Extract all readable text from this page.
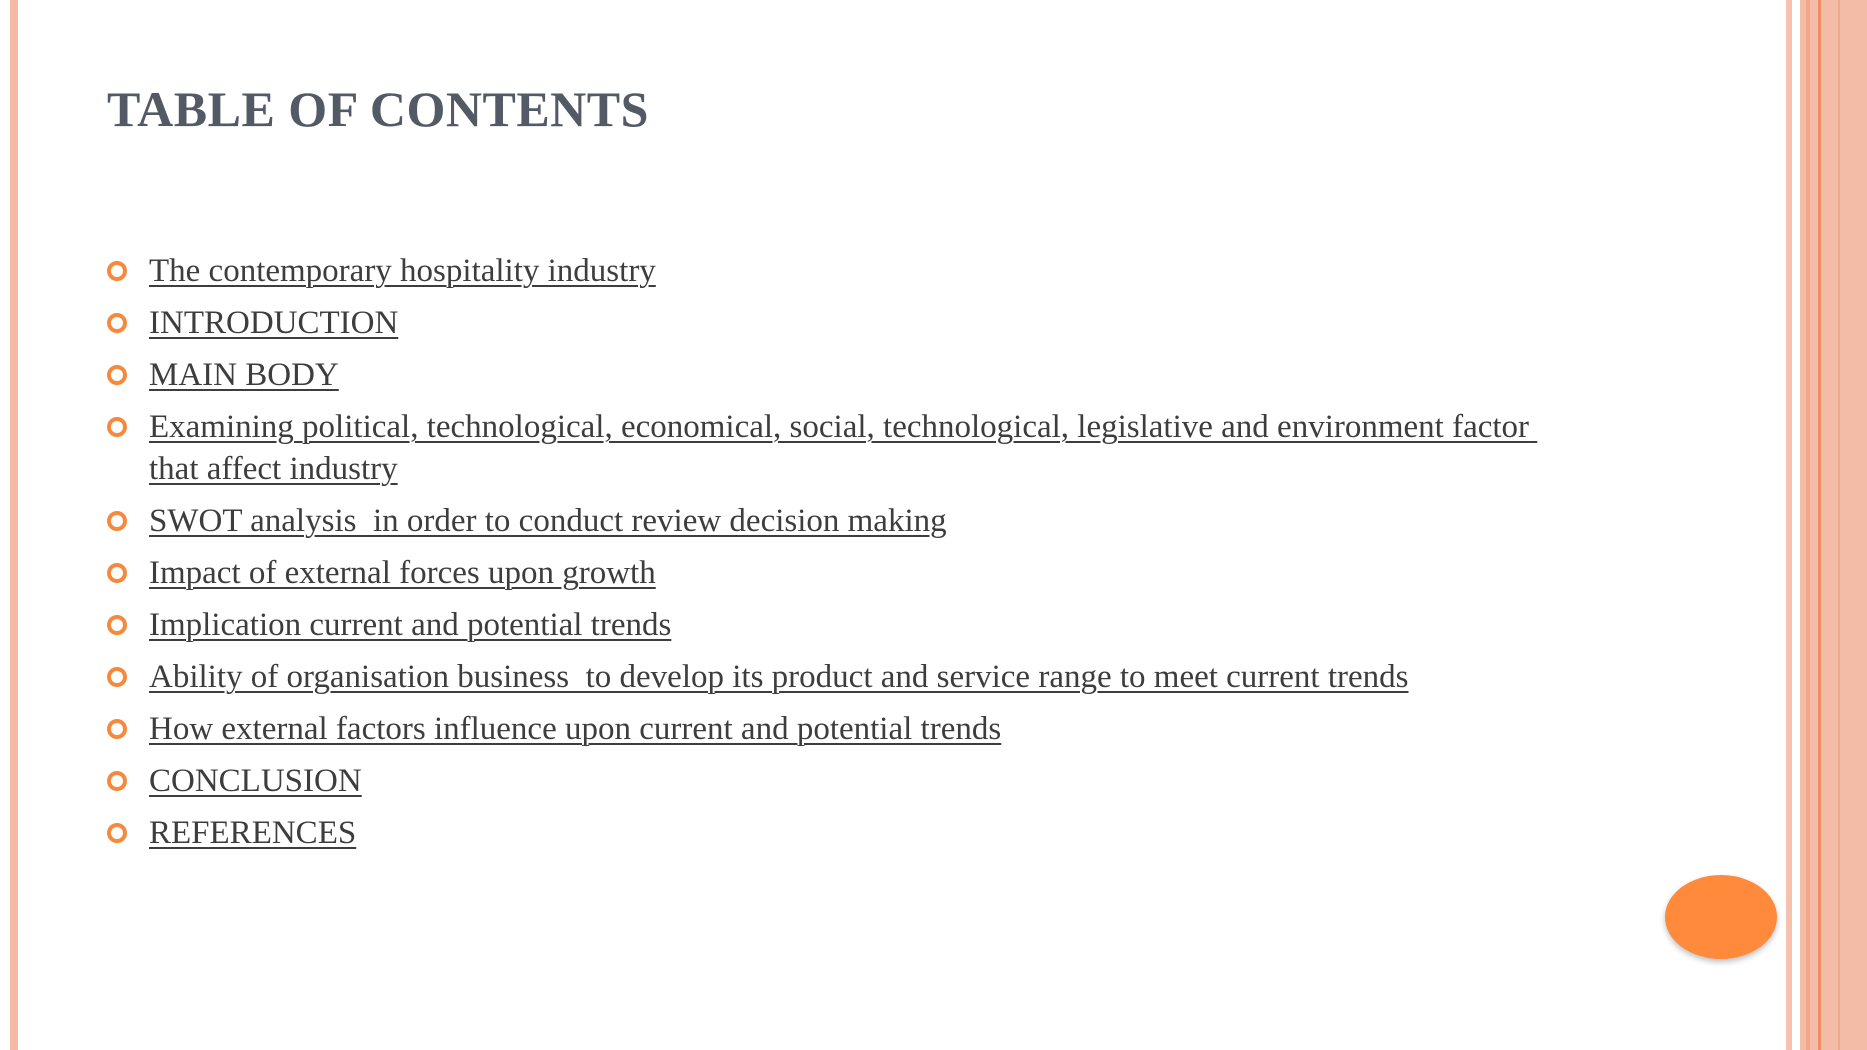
TABLE OF CONTENTS
The contemporary hospitality industry
INTRODUCTION
MAIN BODY
Examining political, technological, economical, social, technological, legislative and environment factor that affect industry
SWOT analysis  in order to conduct review decision making
Impact of external forces upon growth
Implication current and potential trends
Ability of organisation business  to develop its product and service range to meet current trends
How external factors influence upon current and potential trends
CONCLUSION
REFERENCES
